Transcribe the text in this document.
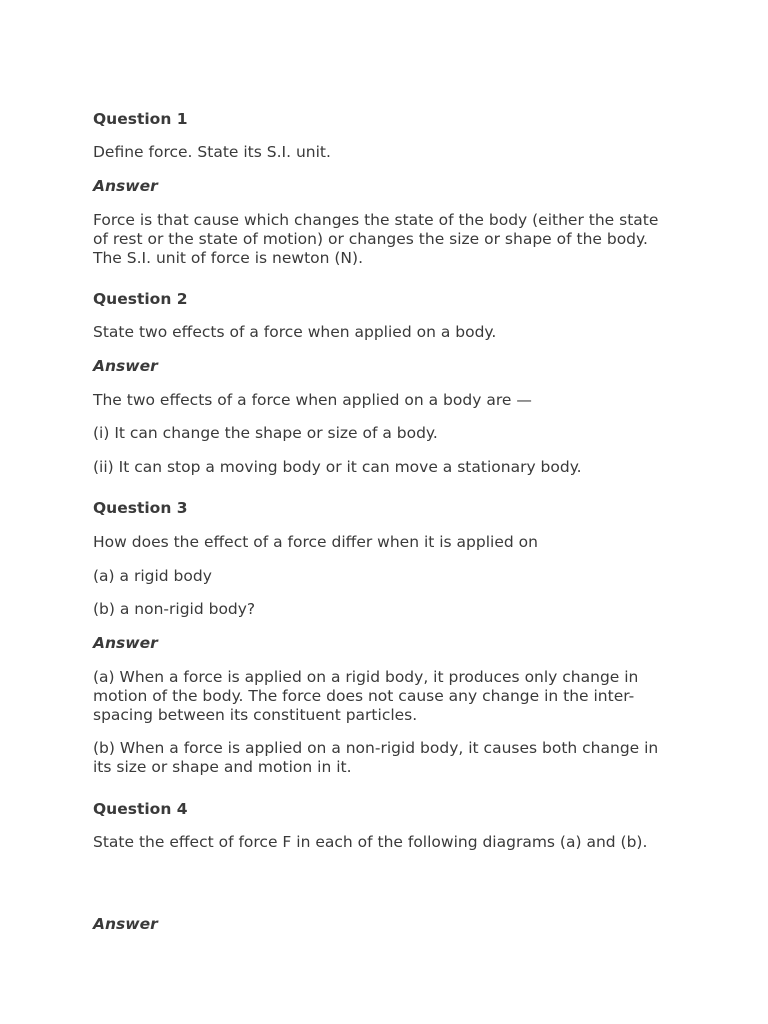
Question 1

Define force. State its S.I. unit.

Answer

Force is that cause which changes the state of the body (either the state of rest or the state of motion) or changes the size or shape of the body. The S.I. unit of force is newton (N).

Question 2

State two effects of a force when applied on a body.

Answer

The two effects of a force when applied on a body are —

(i) It can change the shape or size of a body.

(ii) It can stop a moving body or it can move a stationary body.

Question 3

How does the effect of a force differ when it is applied on

(a) a rigid body

(b) a non-rigid body?

Answer

(a) When a force is applied on a rigid body, it produces only change in motion of the body. The force does not cause any change in the inter-spacing between its constituent particles.

(b) When a force is applied on a non-rigid body, it causes both change in its size or shape and motion in it.

Question 4

State the effect of force F in each of the following diagrams (a) and (b).

Answer
